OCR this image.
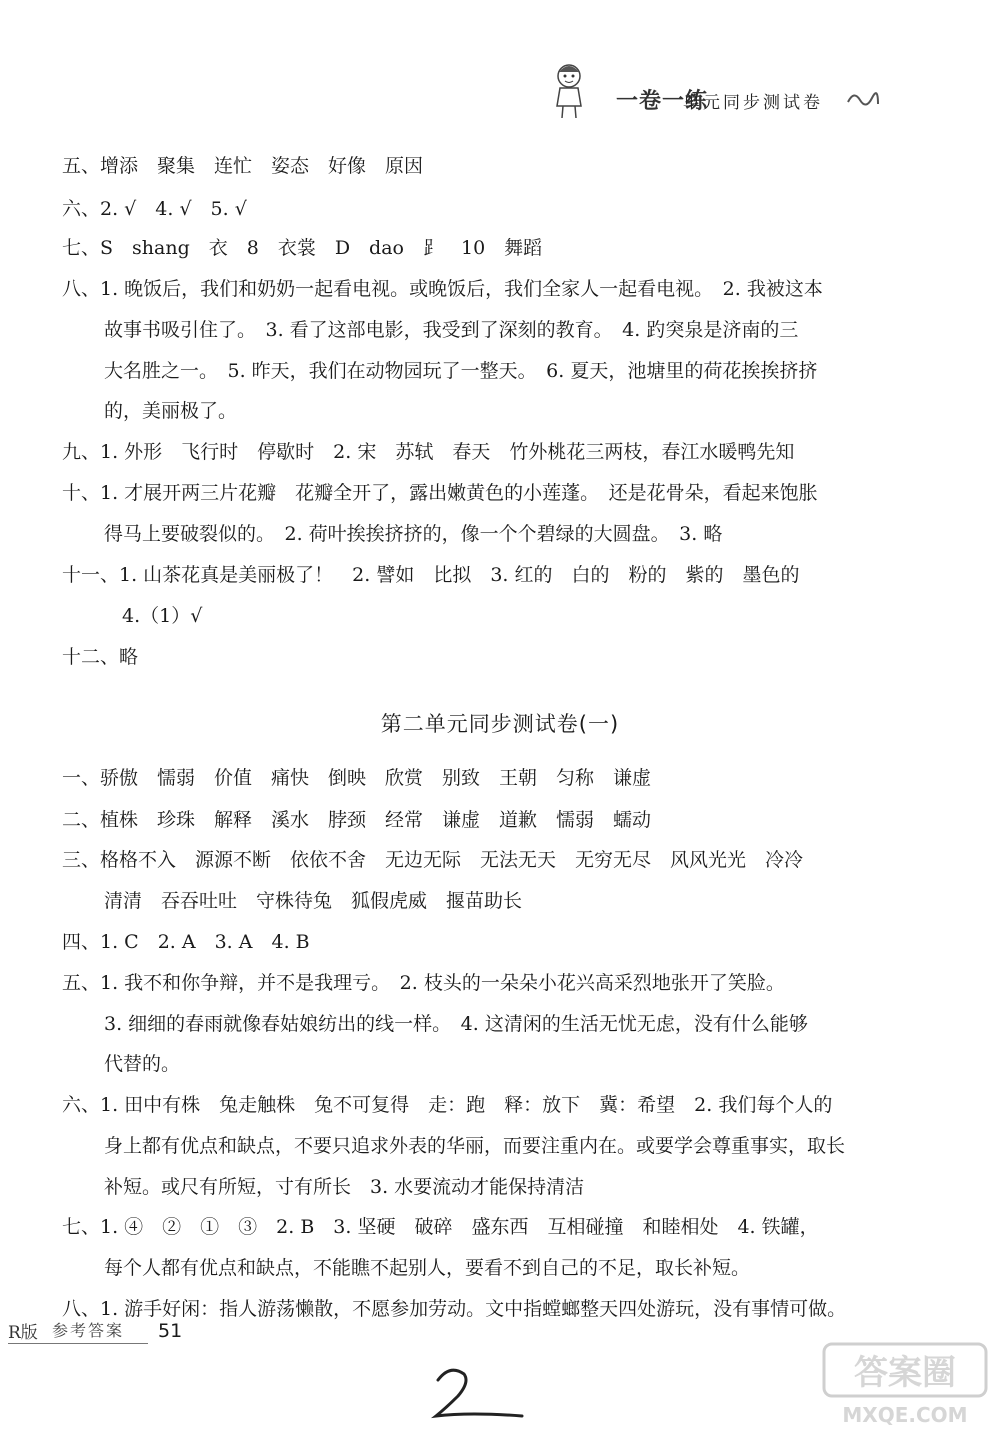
一卷一练
单元同步测试卷
五、增添　聚集　连忙　姿态　好像　原因
六、2. √　4. √　5. √
七、S　shang　衣　8　衣裳　D　dao　⻊　10　舞蹈
八、1. 晚饭后，我们和奶奶一起看电视。或晚饭后，我们全家人一起看电视。　2. 我被这本
故事书吸引住了。　3. 看了这部电影，我受到了深刻的教育。　4. 趵突泉是济南的三
大名胜之一。　5. 昨天，我们在动物园玩了一整天。　6. 夏天，池塘里的荷花挨挨挤挤
的，美丽极了。
九、1. 外形　飞行时　停歇时　2. 宋　苏轼　春天　竹外桃花三两枝，春江水暖鸭先知
十、1. 才展开两三片花瓣　花瓣全开了，露出嫩黄色的小莲蓬。　还是花骨朵，看起来饱胀
得马上要破裂似的。　2. 荷叶挨挨挤挤的，像一个个碧绿的大圆盘。　3. 略
十一、1. 山茶花真是美丽极了！　2. 譬如　比拟　3. 红的　白的　粉的　紫的　墨色的
4.（1）√
十二、略
第二单元同步测试卷(一)
一、骄傲　懦弱　价值　痛快　倒映　欣赏　别致　王朝　匀称　谦虚
二、植株　珍珠　解释　溪水　脖颈　经常　谦虚　道歉　懦弱　蠕动
三、格格不入　源源不断　依依不舍　无边无际　无法无天　无穷无尽　风风光光　冷冷
清清　吞吞吐吐　守株待兔　狐假虎威　揠苗助长
四、1. C　2. A　3. A　4. B
五、1. 我不和你争辩，并不是我理亏。　2. 枝头的一朵朵小花兴高采烈地张开了笑脸。
3. 细细的春雨就像春姑娘纺出的线一样。　4. 这清闲的生活无忧无虑，没有什么能够
代替的。
六、1. 田中有株　兔走触株　兔不可复得　走：跑　释：放下　冀：希望　2. 我们每个人的
身上都有优点和缺点，不要只追求外表的华丽，而要注重内在。或要学会尊重事实，取长
补短。或尺有所短，寸有所长　3. 水要流动才能保持清洁
七、1. ④　②　①　③　2. B　3. 坚硬　破碎　盛东西　互相碰撞　和睦相处　4. 铁罐，
每个人都有优点和缺点，不能瞧不起别人，要看不到自己的不足，取长补短。
八、1. 游手好闲：指人游荡懒散，不愿参加劳动。文中指螳螂整天四处游玩，没有事情可做。
R版 参考答案 51
答案圈
MXQE.COM
